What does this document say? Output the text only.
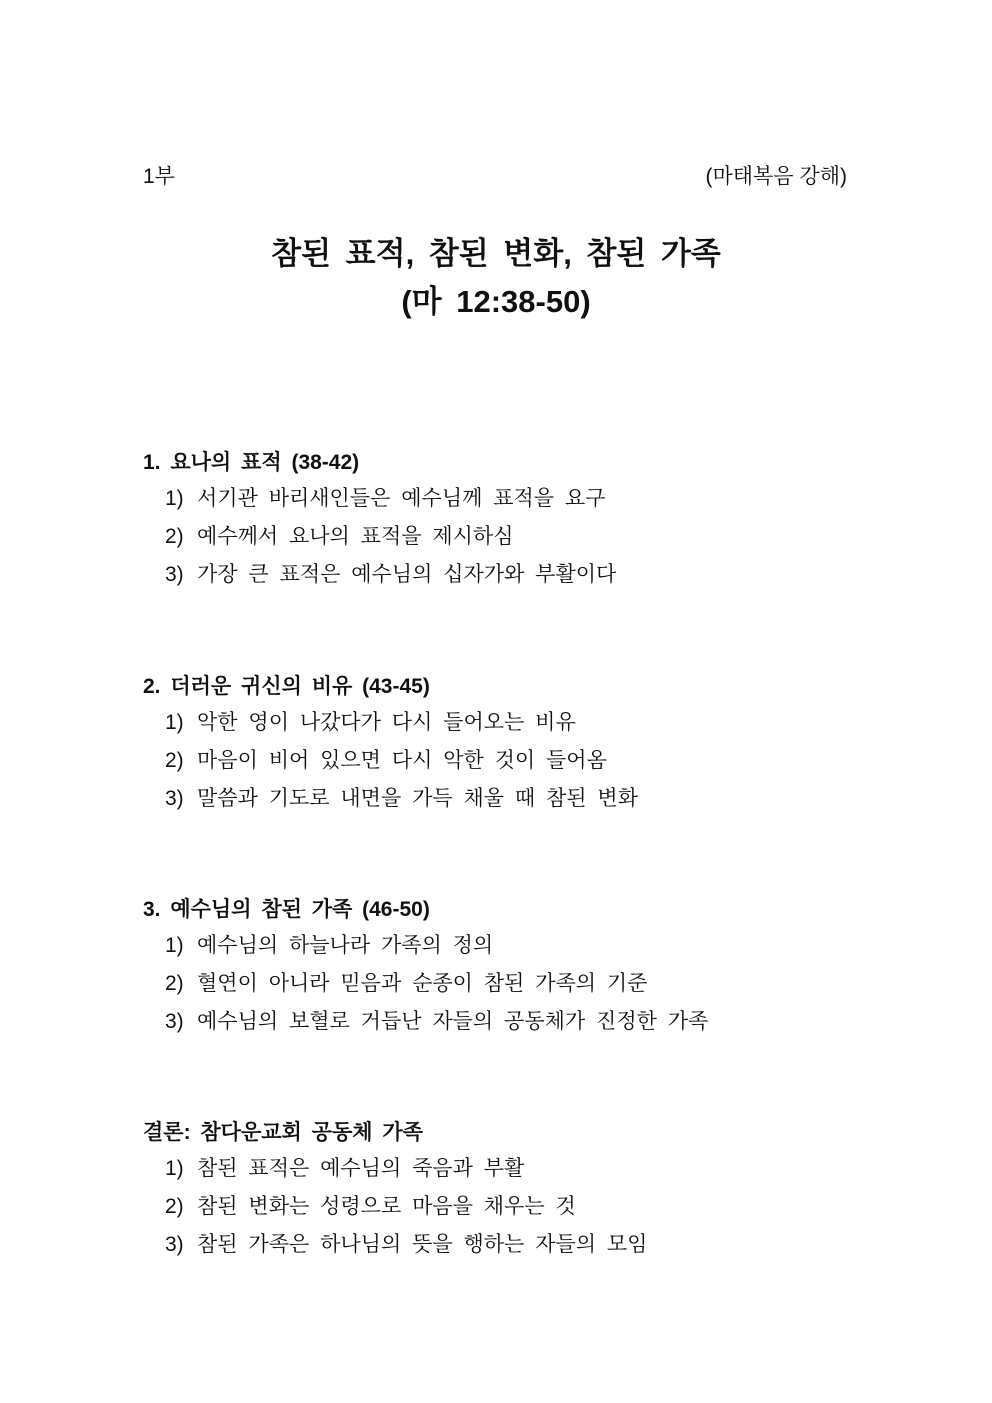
1부	(마태복음 강해)
참된 표적, 참된 변화, 참된 가족
(마 12:38-50)

1. 요나의 표적 (38-42)

1) 서기관 바리새인들은 예수님께 표적을 요구
2) 예수께서 요나의 표적을 제시하심
3) 가장 큰 표적은 예수님의 십자가와 부활이다

2. 더러운 귀신의 비유 (43-45)

1) 악한 영이 나갔다가 다시 들어오는 비유
2) 마음이 비어 있으면 다시 악한 것이 들어옴
3) 말씀과 기도로 내면을 가득 채울 때 참된 변화

3. 예수님의 참된 가족 (46-50)

1) 예수님의 하늘나라 가족의 정의
2) 혈연이 아니라 믿음과 순종이 참된 가족의 기준
3) 예수님의 보혈로 거듭난 자들의 공동체가 진정한 가족

결론: 참다운교회 공동체 가족

1) 참된 표적은 예수님의 죽음과 부활
2) 참된 변화는 성령으로 마음을 채우는 것
3) 참된 가족은 하나님의 뜻을 행하는 자들의 모임
